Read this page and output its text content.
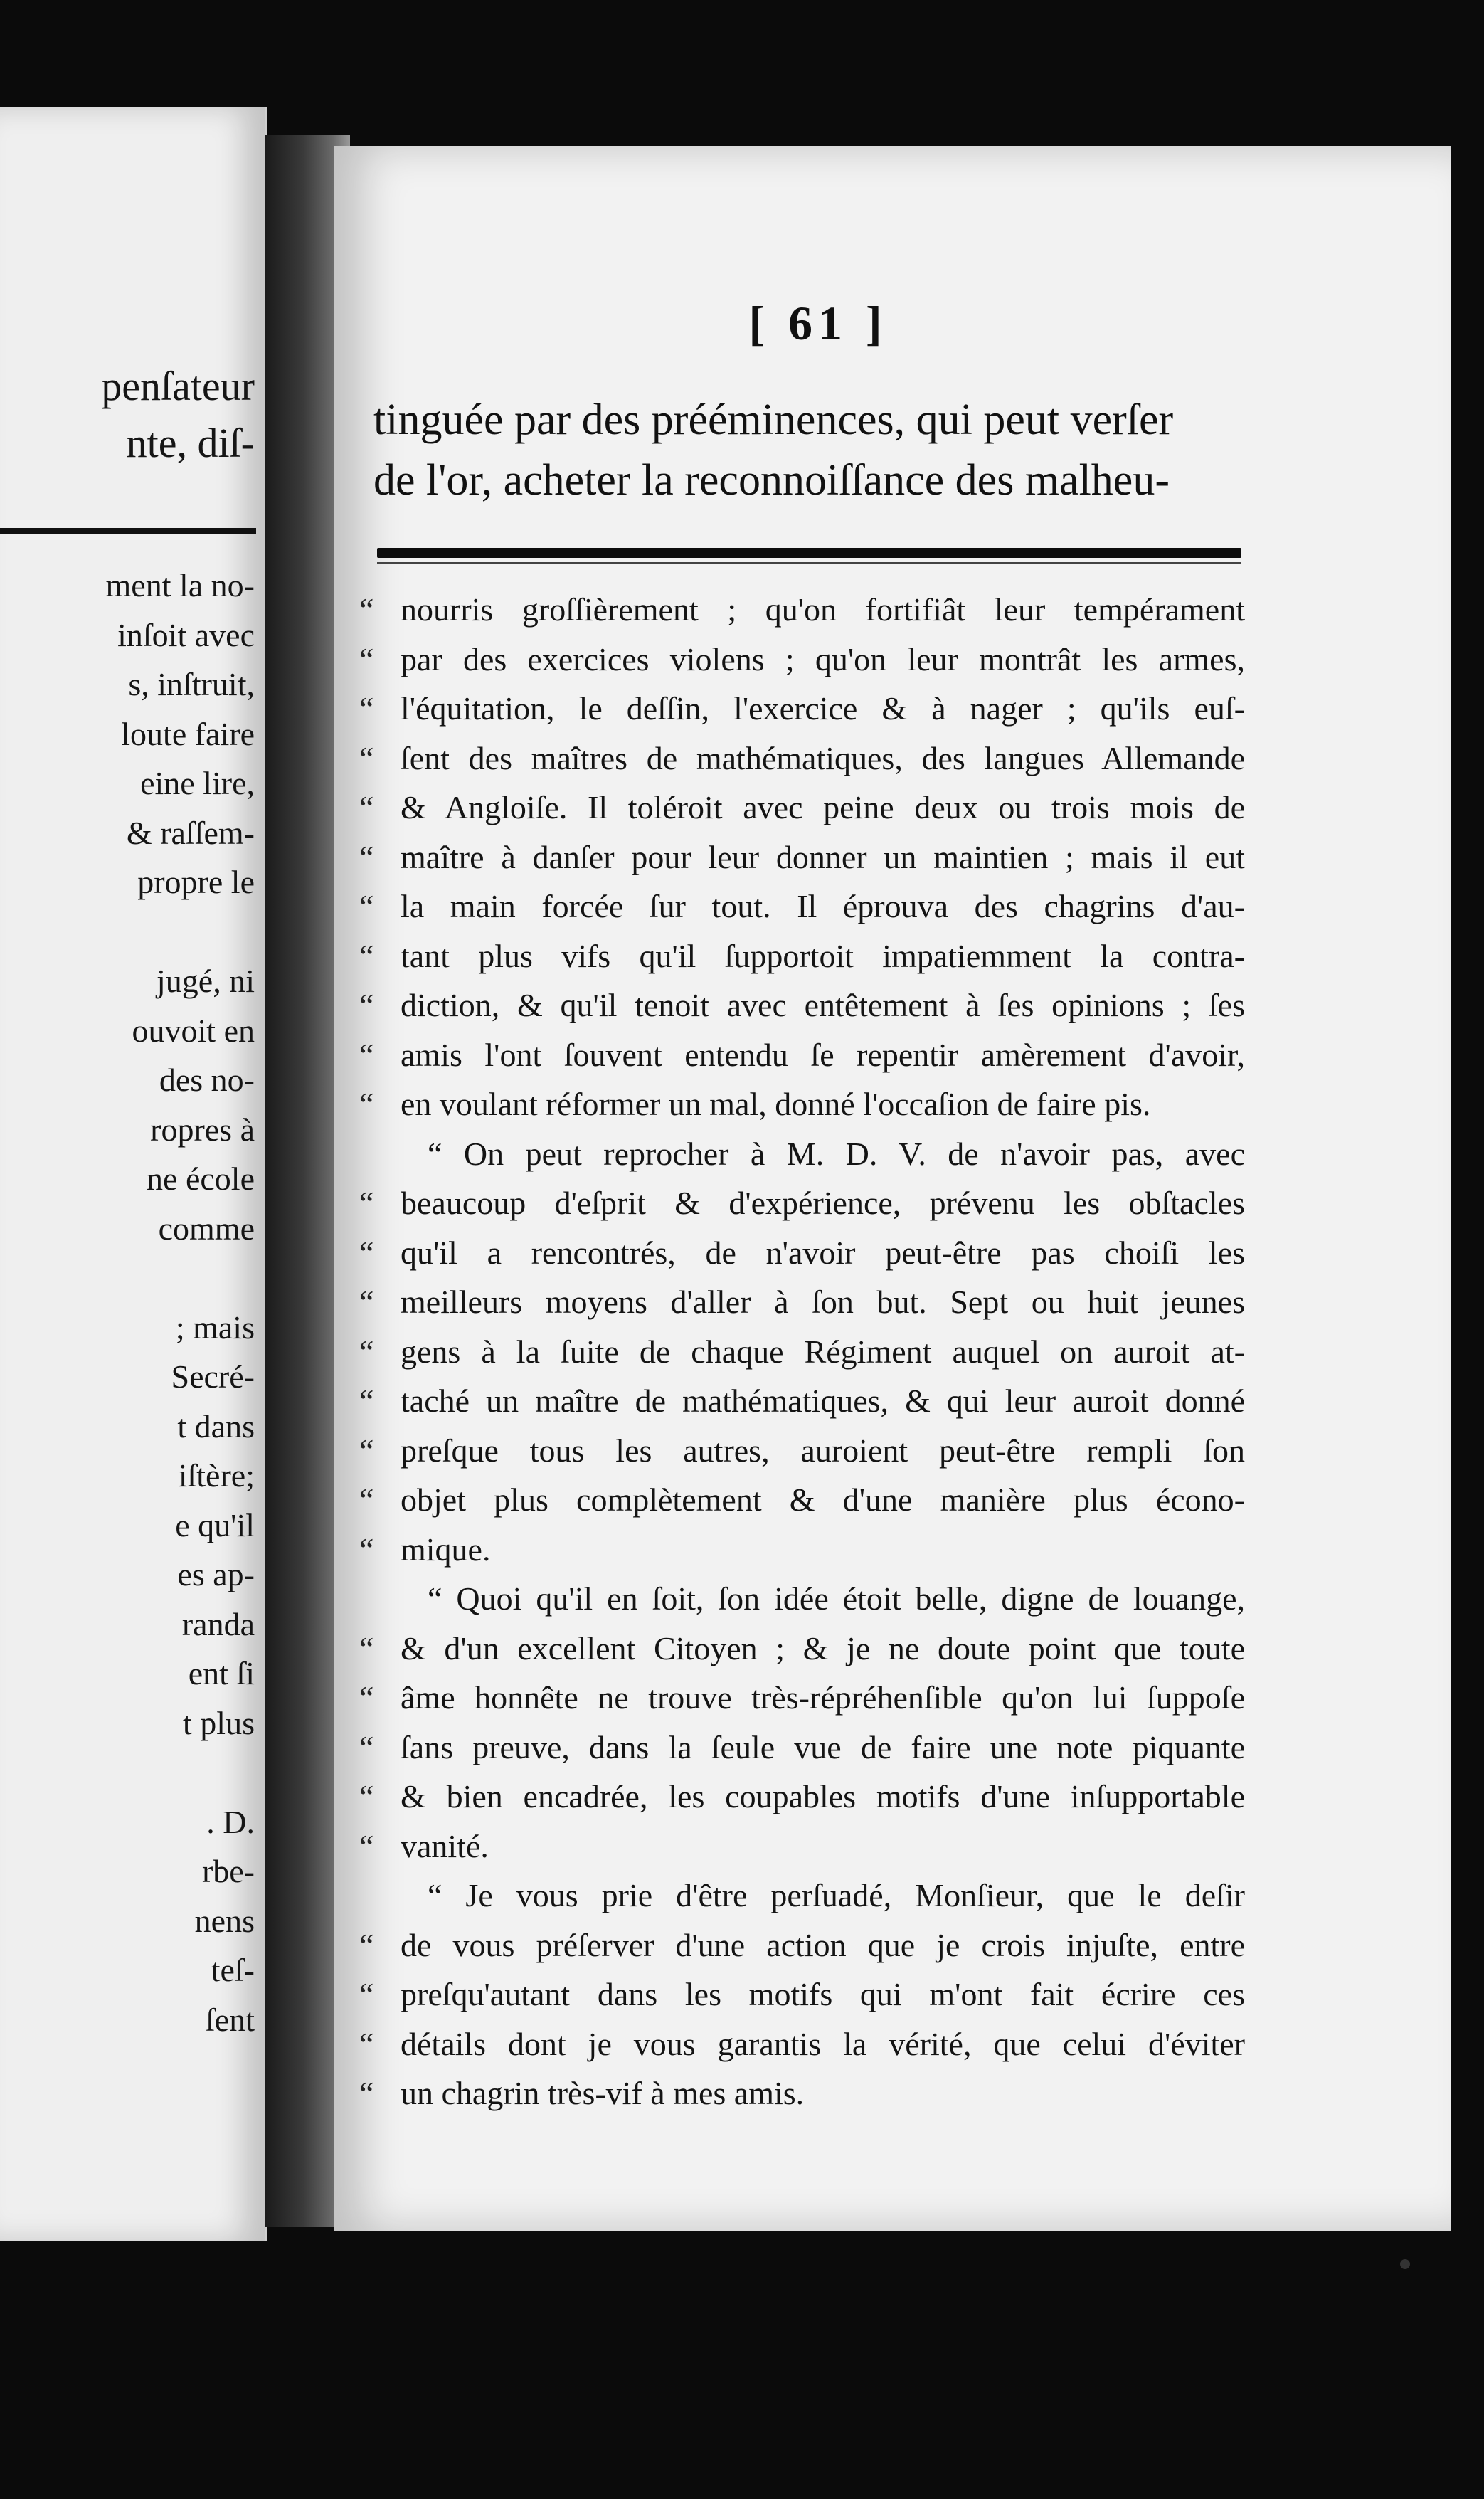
penſateur
nte, diſ-
ment la no-
inſoit avec
s, inſtruit,
loute faire
eine lire,
& raſſem-
propre le
jugé, ni
ouvoit en
des no-
ropres à
ne école
comme
; mais
Secré-
t dans
iſtère;
e qu'il
es ap-
randa
ent ſi
t plus
. D.
rbe-
nens
teſ-
ſent
[ 61 ]
tinguée par des prééminences, qui peut verſer
de l'or, acheter la reconnoiſſance des malheu-
“ nourris groſſièrement ; qu'on fortifiât leur tempérament
“ par des exercices violens ; qu'on leur montrât les armes,
“ l'équitation, le deſſin, l'exercice & à nager ; qu'ils euſ-
“ ſent des maîtres de mathématiques, des langues Allemande
“ & Angloiſe. Il toléroit avec peine deux ou trois mois de
“ maître à danſer pour leur donner un maintien ; mais il eut
“ la main forcée ſur tout. Il éprouva des chagrins d'au-
“ tant plus vifs qu'il ſupportoit impatiemment la contra-
“ diction, & qu'il tenoit avec entêtement à ſes opinions ; ſes
“ amis l'ont ſouvent entendu ſe repentir amèrement d'avoir,
“ en voulant réformer un mal, donné l'occaſion de faire pis.
“ On peut reprocher à M. D. V. de n'avoir pas, avec
“ beaucoup d'eſprit & d'expérience, prévenu les obſtacles
“ qu'il a rencontrés, de n'avoir peut-être pas choiſi les
“ meilleurs moyens d'aller à ſon but. Sept ou huit jeunes
“ gens à la ſuite de chaque Régiment auquel on auroit at-
“ taché un maître de mathématiques, & qui leur auroit donné
“ preſque tous les autres, auroient peut-être rempli ſon
“ objet plus complètement & d'une manière plus écono-
“ mique.
“ Quoi qu'il en ſoit, ſon idée étoit belle, digne de louange,
“ & d'un excellent Citoyen ; & je ne doute point que toute
“ âme honnête ne trouve très-répréhenſible qu'on lui ſuppoſe
“ ſans preuve, dans la ſeule vue de faire une note piquante
“ & bien encadrée, les coupables motifs d'une inſupportable
“ vanité.
“ Je vous prie d'être perſuadé, Monſieur, que le deſir
“ de vous préſerver d'une action que je crois injuſte, entre
“ preſqu'autant dans les motifs qui m'ont fait écrire ces
“ détails dont je vous garantis la vérité, que celui d'éviter
“ un chagrin très-vif à mes amis.
